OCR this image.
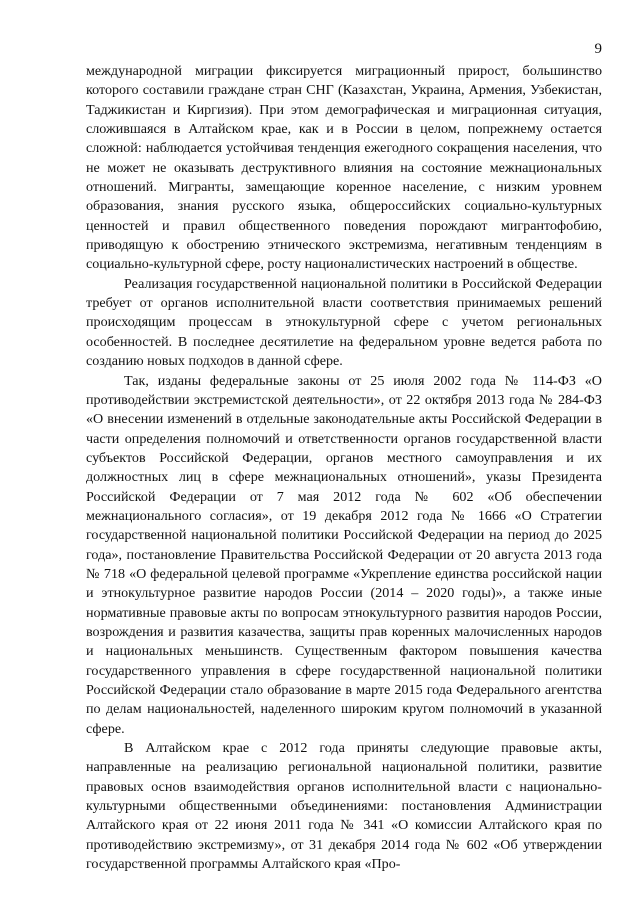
9

международной миграции фиксируется миграционный прирост, большинство которого составили граждане стран СНГ (Казахстан, Украина, Армения, Узбекистан, Таджикистан и Киргизия). При этом демографическая и миграционная ситуация, сложившаяся в Алтайском крае, как и в России в целом, попрежнему остается сложной: наблюдается устойчивая тенденция ежегодного сокращения населения, что не может не оказывать деструктивного влияния на состояние межнациональных отношений. Мигранты, замещающие коренное население, с низким уровнем образования, знания русского языка, общероссийских социально-культурных ценностей и правил общественного поведения порождают мигрантофобию, приводящую к обострению этнического экстремизма, негативным тенденциям в социально-культурной сфере, росту националистических настроений в обществе.

Реализация государственной национальной политики в Российской Федерации требует от органов исполнительной власти соответствия принимаемых решений происходящим процессам в этнокультурной сфере с учетом региональных особенностей. В последнее десятилетие на федеральном уровне ведется работа по созданию новых подходов в данной сфере.

Так, изданы федеральные законы от 25 июля 2002 года № 114-ФЗ «О противодействии экстремистской деятельности», от 22 октября 2013 года № 284-ФЗ «О внесении изменений в отдельные законодательные акты Российской Федерации в части определения полномочий и ответственности органов государственной власти субъектов Российской Федерации, органов местного самоуправления и их должностных лиц в сфере межнациональных отношений», указы Президента Российской Федерации от 7 мая 2012 года № 602 «Об обеспечении межнационального согласия», от 19 декабря 2012 года № 1666 «О Стратегии государственной национальной политики Российской Федерации на период до 2025 года», постановление Правительства Российской Федерации от 20 августа 2013 года № 718 «О федеральной целевой программе «Укрепление единства российской нации и этнокультурное развитие народов России (2014 – 2020 годы)», а также иные нормативные правовые акты по вопросам этнокультурного развития народов России, возрождения и развития казачества, защиты прав коренных малочисленных народов и национальных меньшинств. Существенным фактором повышения качества государственного управления в сфере государственной национальной политики Российской Федерации стало образование в марте 2015 года Федерального агентства по делам национальностей, наделенного широким кругом полномочий в указанной сфере.

В Алтайском крае с 2012 года приняты следующие правовые акты, направленные на реализацию региональной национальной политики, развитие правовых основ взаимодействия органов исполнительной власти с национально-культурными общественными объединениями: постановления Администрации Алтайского края от 22 июня 2011 года № 341 «О комиссии Алтайского края по противодействию экстремизму», от 31 декабря 2014 года № 602 «Об утверждении государственной программы Алтайского края «Про-
